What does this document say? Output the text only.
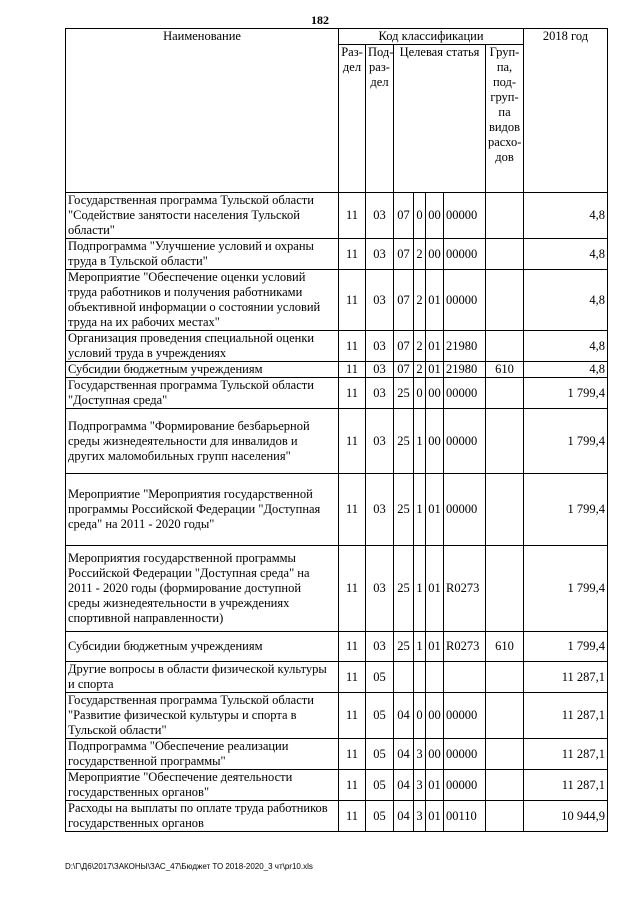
182
Наименование	Код классификации							2018 год
	Раз- дел	Под- раз- дел	Целевая статья				Груп- па, под- груп- па видов расхо- дов	
Государственная программа Тульской области "Содействие занятости населения Тульской области"	11	03	07	0	00	00000		4,8
Подпрограмма "Улучшение условий и охраны труда в Тульской области"	11	03	07	2	00	00000		4,8
Мероприятие "Обеспечение оценки условий труда работников и получения работниками объективной информации о состоянии условий труда на их рабочих местах"	11	03	07	2	01	00000		4,8
Организация проведения специальной оценки условий труда в учреждениях	11	03	07	2	01	21980		4,8
Субсидии бюджетным учреждениям	11	03	07	2	01	21980	610	4,8
Государственная программа Тульской области "Доступная среда"	11	03	25	0	00	00000		1 799,4
Подпрограмма "Формирование безбарьерной среды жизнедеятельности для инвалидов и других маломобильных групп населения"	11	03	25	1	00	00000		1 799,4
Мероприятие "Мероприятия государственной программы Российской Федерации "Доступная среда" на 2011 - 2020 годы"	11	03	25	1	01	00000		1 799,4
Мероприятия государственной программы Российской Федерации "Доступная среда" на 2011 - 2020 годы (формирование доступной среды жизнедеятельности в учреждениях спортивной направленности)	11	03	25	1	01	R0273		1 799,4
Субсидии бюджетным учреждениям	11	03	25	1	01	R0273	610	1 799,4
Другие вопросы в области физической культуры и спорта	11	05						11 287,1
Государственная программа Тульской области "Развитие физической культуры и спорта в Тульской области"	11	05	04	0	00	00000		11 287,1
Подпрограмма "Обеспечение реализации государственной программы"	11	05	04	3	00	00000		11 287,1
Мероприятие "Обеспечение деятельности государственных органов"	11	05	04	3	01	00000		11 287,1
Расходы на выплаты по оплате труда работников государственных органов	11	05	04	3	01	00110		10 944,9
D:\Г\Д6\2017\ЗАКОНЫ\ЗАС_47\Бюджет ТО 2018-2020_3 чт\pr10.xls
